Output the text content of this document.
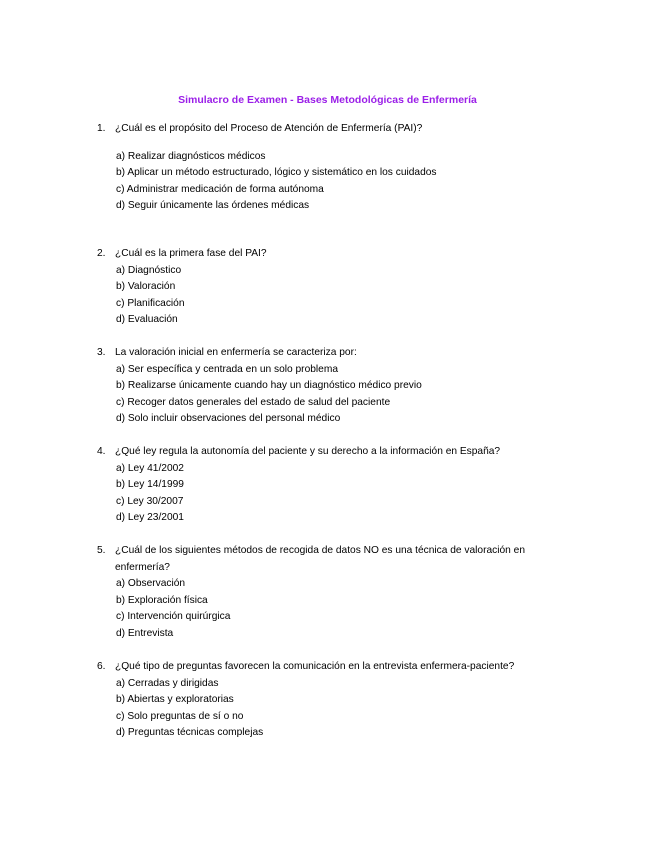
Simulacro de Examen - Bases Metodológicas de Enfermería
1. ¿Cuál es el propósito del Proceso de Atención de Enfermería (PAI)?
a) Realizar diagnósticos médicos
b) Aplicar un método estructurado, lógico y sistemático en los cuidados
c) Administrar medicación de forma autónoma
d) Seguir únicamente las órdenes médicas
2. ¿Cuál es la primera fase del PAI?
a) Diagnóstico
b) Valoración
c) Planificación
d) Evaluación
3. La valoración inicial en enfermería se caracteriza por:
a) Ser específica y centrada en un solo problema
b) Realizarse únicamente cuando hay un diagnóstico médico previo
c) Recoger datos generales del estado de salud del paciente
d) Solo incluir observaciones del personal médico
4. ¿Qué ley regula la autonomía del paciente y su derecho a la información en España?
a) Ley 41/2002
b) Ley 14/1999
c) Ley 30/2007
d) Ley 23/2001
5. ¿Cuál de los siguientes métodos de recogida de datos NO es una técnica de valoración en enfermería?
a) Observación
b) Exploración física
c) Intervención quirúrgica
d) Entrevista
6. ¿Qué tipo de preguntas favorecen la comunicación en la entrevista enfermera-paciente?
a) Cerradas y dirigidas
b) Abiertas y exploratorias
c) Solo preguntas de sí o no
d) Preguntas técnicas complejas
